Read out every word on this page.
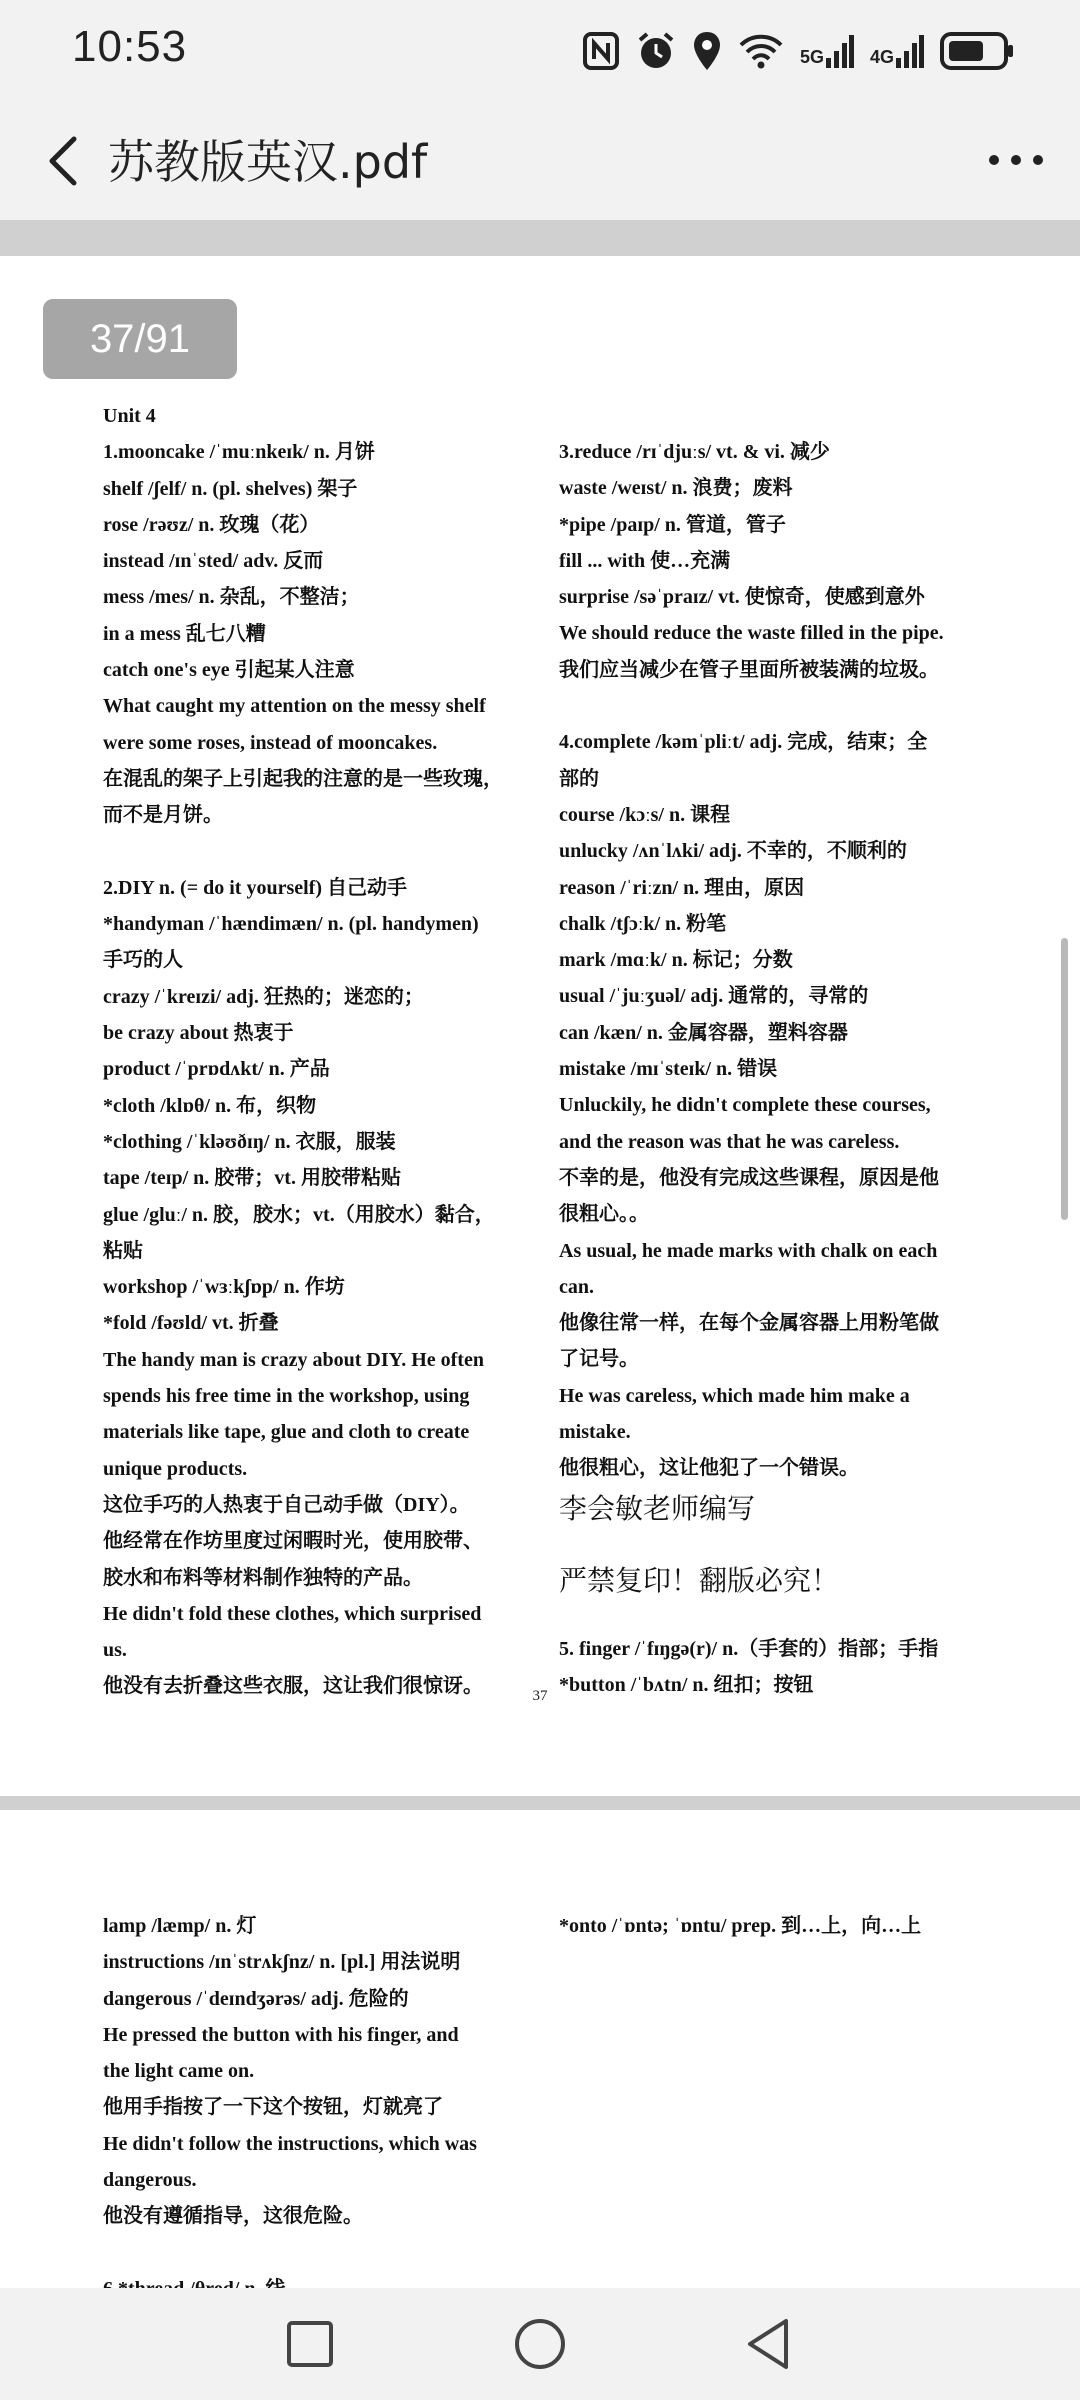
10:53	5G	4G
苏教版英汉.pdf
37/91
Unit 4
1.mooncake /ˈmuːnkeɪk/ n. 月饼
shelf /ʃelf/ n. (pl. shelves) 架子
rose /rəʊz/ n. 玫瑰（花）
instead /ɪnˈsted/ adv. 反而
mess /mes/ n. 杂乱，不整洁；
in a mess 乱七八糟
catch one's eye 引起某人注意
What caught my attention on the messy shelf
were some roses, instead of mooncakes.
在混乱的架子上引起我的注意的是一些玫瑰，
而不是月饼。
2.DIY n. (= do it yourself) 自己动手
*handyman /ˈhændimæn/ n. (pl. handymen)
手巧的人
crazy /ˈkreɪzi/ adj. 狂热的；迷恋的；
be crazy about 热衷于
product /ˈprɒdʌkt/ n. 产品
*cloth /klɒθ/ n. 布，织物
*clothing /ˈkləʊðɪŋ/ n. 衣服，服装
tape /teɪp/ n. 胶带；vt. 用胶带粘贴
glue /gluː/ n. 胶，胶水；vt.（用胶水）黏合，
粘贴
workshop /ˈwɜːkʃɒp/ n. 作坊
*fold /fəʊld/ vt. 折叠
The handy man is crazy about DIY. He often
spends his free time in the workshop, using
materials like tape, glue and cloth to create
unique products.
这位手巧的人热衷于自己动手做（DIY）。
他经常在作坊里度过闲暇时光，使用胶带、
胶水和布料等材料制作独特的产品。
He didn't fold these clothes, which surprised
us.
他没有去折叠这些衣服，这让我们很惊讶。
3.reduce /rɪˈdjuːs/ vt. & vi. 减少
waste /weɪst/ n. 浪费；废料
*pipe /paɪp/ n. 管道，管子
fill ... with 使…充满
surprise /səˈpraɪz/ vt. 使惊奇，使感到意外
We should reduce the waste filled in the pipe.
我们应当减少在管子里面所被装满的垃圾。
4.complete /kəmˈpliːt/ adj. 完成，结束；全
部的
course /kɔːs/ n. 课程
unlucky /ʌnˈlʌki/ adj. 不幸的，不顺利的
reason /ˈriːzn/ n. 理由，原因
chalk /tʃɔːk/ n. 粉笔
mark /mɑːk/ n. 标记；分数
usual /ˈjuːʒuəl/ adj. 通常的，寻常的
can /kæn/ n. 金属容器，塑料容器
mistake /mɪˈsteɪk/ n. 错误
Unluckily, he didn't complete these courses,
and the reason was that he was careless.
不幸的是，他没有完成这些课程，原因是他
很粗心。。
As usual, he made marks with chalk on each
can.
他像往常一样，在每个金属容器上用粉笔做
了记号。
He was careless, which made him make a
mistake.
他很粗心，这让他犯了一个错误。
李会敏老师编写
严禁复印！翻版必究！
5. finger /ˈfɪŋgə(r)/ n.（手套的）指部；手指
*button /ˈbʌtn/ n. 纽扣；按钮
37
lamp /læmp/ n. 灯
instructions /ɪnˈstrʌkʃnz/ n. [pl.] 用法说明
dangerous /ˈdeɪndʒərəs/ adj. 危险的
He pressed the button with his finger, and
the light came on.
他用手指按了一下这个按钮，灯就亮了
He didn't follow the instructions, which was
dangerous.
他没有遵循指导，这很危险。
*onto /ˈɒntə; ˈɒntu/ prep. 到…上，向…上
